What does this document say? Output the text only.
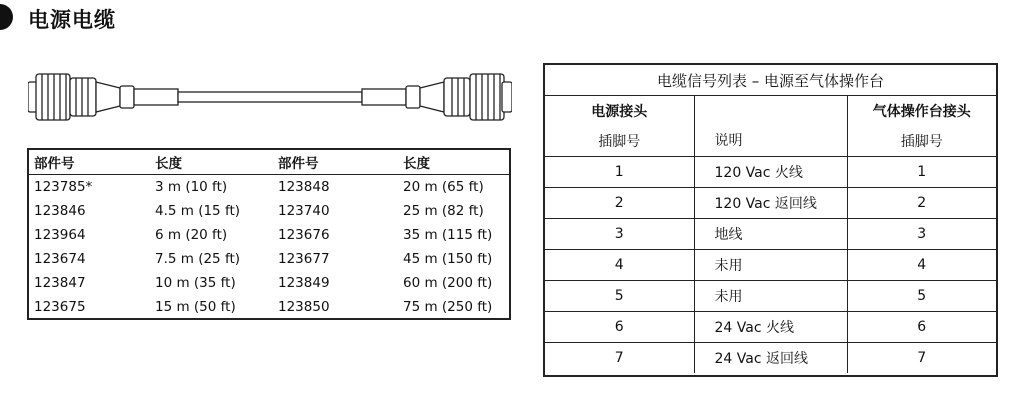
电源电缆
部件号	长度	部件号	长度
123785*	3 m (10 ft)	123848	20 m (65 ft)
123846	4.5 m (15 ft)	123740	25 m (82 ft)
123964	6 m (20 ft)	123676	35 m (115 ft)
123674	7.5 m (25 ft)	123677	45 m (150 ft)
123847	10 m (35 ft)	123849	60 m (200 ft)
123675	15 m (50 ft)	123850	75 m (250 ft)
电缆信号列表 – 电源至气体操作台		
电源接头	说明	气体操作台接头
插脚号		插脚号
1	120 Vac 火线	1
2	120 Vac 返回线	2
3	地线	3
4	未用	4
5	未用	5
6	24 Vac 火线	6
7	24 Vac 返回线	7
